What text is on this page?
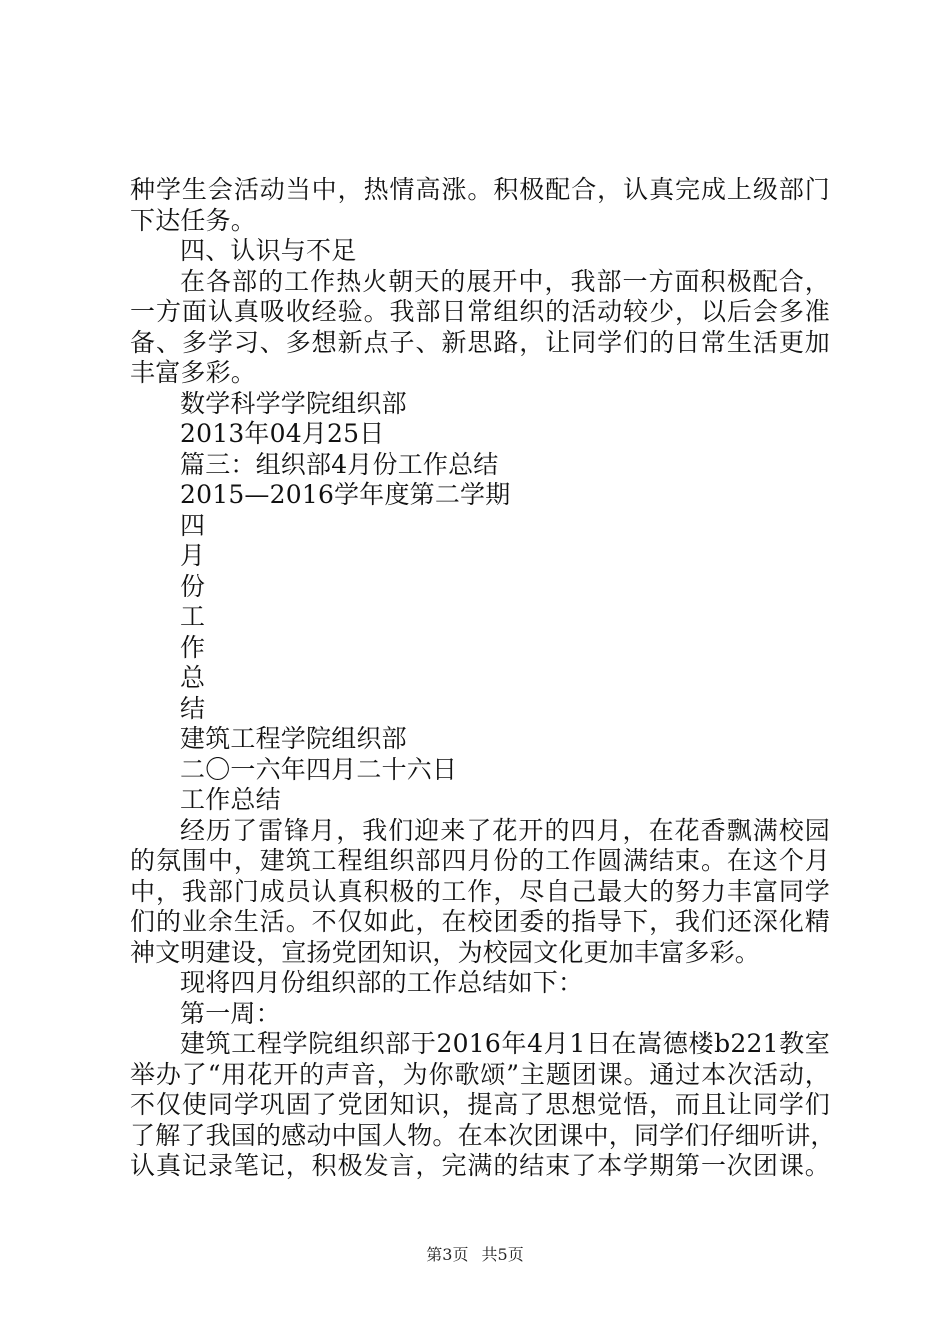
种学生会活动当中，热情高涨。积极配合，认真完成上级部门
下达任务。
四、认识与不足
在各部的工作热火朝天的展开中，我部一方面积极配合，
一方面认真吸收经验。我部日常组织的活动较少，以后会多准
备、多学习、多想新点子、新思路，让同学们的日常生活更加
丰富多彩。
数学科学学院组织部
2013年04月25日
篇三：组织部4月份工作总结
2015—2016学年度第二学期
四
月
份
工
作
总
结
建筑工程学院组织部
二〇一六年四月二十六日
工作总结
经历了雷锋月，我们迎来了花开的四月，在花香飘满校园
的氛围中，建筑工程组织部四月份的工作圆满结束。在这个月
中，我部门成员认真积极的工作，尽自己最大的努力丰富同学
们的业余生活。不仅如此，在校团委的指导下，我们还深化精
神文明建设，宣扬党团知识，为校园文化更加丰富多彩。
现将四月份组织部的工作总结如下：
第一周：
建筑工程学院组织部于2016年4月1日在嵩德楼b221教室
举办了“用花开的声音，为你歌颂”主题团课。通过本次活动，
不仅使同学巩固了党团知识，提高了思想觉悟，而且让同学们
了解了我国的感动中国人物。在本次团课中，同学们仔细听讲，
认真记录笔记，积极发言，完满的结束了本学期第一次团课。
第3页 共5页
